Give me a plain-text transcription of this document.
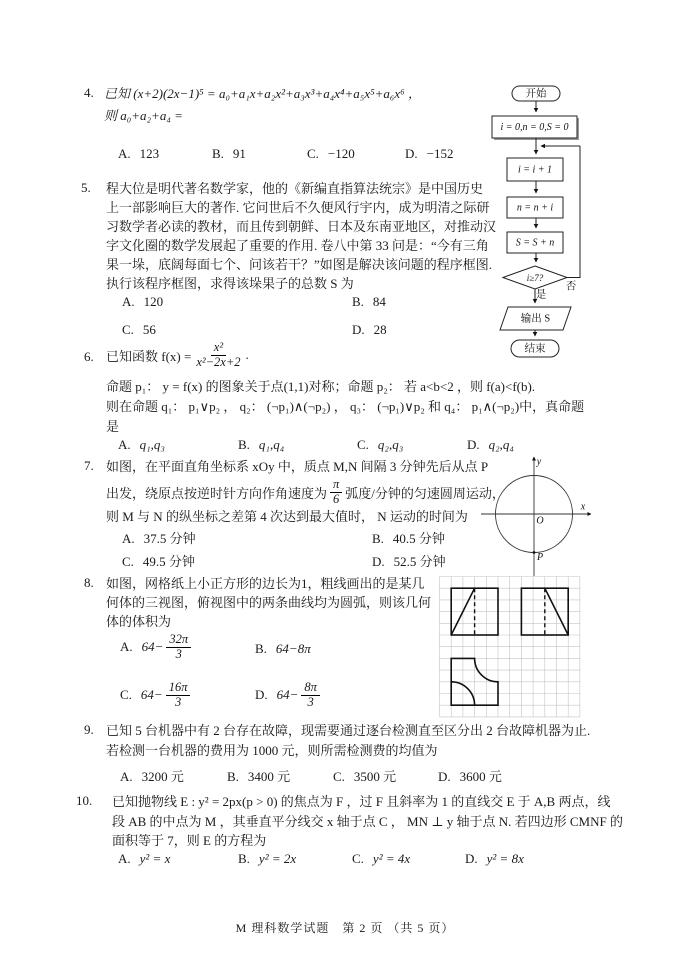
4. 已知 (x+2)(2x−1)⁵ = a₀+a₁x+a₂x²+a₃x³+a₄x⁴+a₅x⁵+a₆x⁶ ，
则 a₀+a₂+a₄ =
A. 123	B. 91	C. −120	D. −152
5. 程大位是明代著名数学家，他的《新编直指算法统宗》是中国历史
上一部影响巨大的著作. 它问世后不久便风行宇内，成为明清之际研
习数学者必读的教材，而且传到朝鲜、日本及东南亚地区，对推动汉
字文化圈的数学发展起了重要的作用. 卷八中第 33 问是：“今有三角
果一垛，底阔每面七个、问该若干？”如图是解决该问题的程序框图.
执行该程序框图，求得该垛果子的总数 S 为
A. 120	B. 84
C. 56	D. 28
6. 已知函数 $f(x) = \frac{\text{x²}}{\text{x²−2x+2}}$ .
命题 p₁： y = f(x) 的图象关于点(1,1)对称；命题 p₂： 若 a<b<2 ，则 f(a)<f(b).
则在命题 q₁： p₁∨p₂ ， q₂： (¬p₁)∧(¬p₂) ， q₃： (¬p₁)∨p₂ 和 q₄： p₁∧(¬p₂)中，真命题
是
A. q₁,q₃	B. q₁,q₄	C. q₂,q₃	D. q₂,q₄
7. 如图，在平面直角坐标系 xOy 中，质点 M,N 间隔 3 分钟先后从点 P
出发，绕原点按逆时针方向作角速度为 $\frac{\pi}{6}$ 弧度/分钟的匀速圆周运动，
则 M 与 N 的纵坐标之差第 4 次达到最大值时， N 运动的时间为
A. 37.5 分钟	B. 40.5 分钟
C. 49.5 分钟	D. 52.5 分钟
8. 如图，网格纸上小正方形的边长为1，粗线画出的是某几
何体的三视图，俯视图中的两条曲线均为圆弧，则该几何
体的体积为
A. $64- \frac{32\pi}{3}$	B. 64−8π
C. $64- \frac{16\pi}{3}$	D. $64- \frac{8\pi}{3}$
9. 已知 5 台机器中有 2 台存在故障，现需要通过逐台检测直至区分出 2 台故障机器为止.
若检测一台机器的费用为 1000 元，则所需检测费的均值为
A. 3200 元	B. 3400 元	C. 3500 元	D. 3600 元
10. 已知抛物线 E : y² = 2px(p > 0) 的焦点为 F ，过 F 且斜率为 1 的直线交 E 于 A,B 两点，线
段 AB 的中点为 M ，其垂直平分线交 x 轴于点 C ， MN ⊥ y 轴于点 N. 若四边形 CMNF 的
面积等于 7，则 E 的方程为
A. y² = x	B. y² = 2x	C. y² = 4x	D. y² = 8x
开始
i = 0,n = 0,S = 0
i = i + 1
n = n + i
S = S + n
i≥7?
否
是
输出 S
结束
y
x
O
P
M 理科数学试题　第 2 页 （共 5 页）
